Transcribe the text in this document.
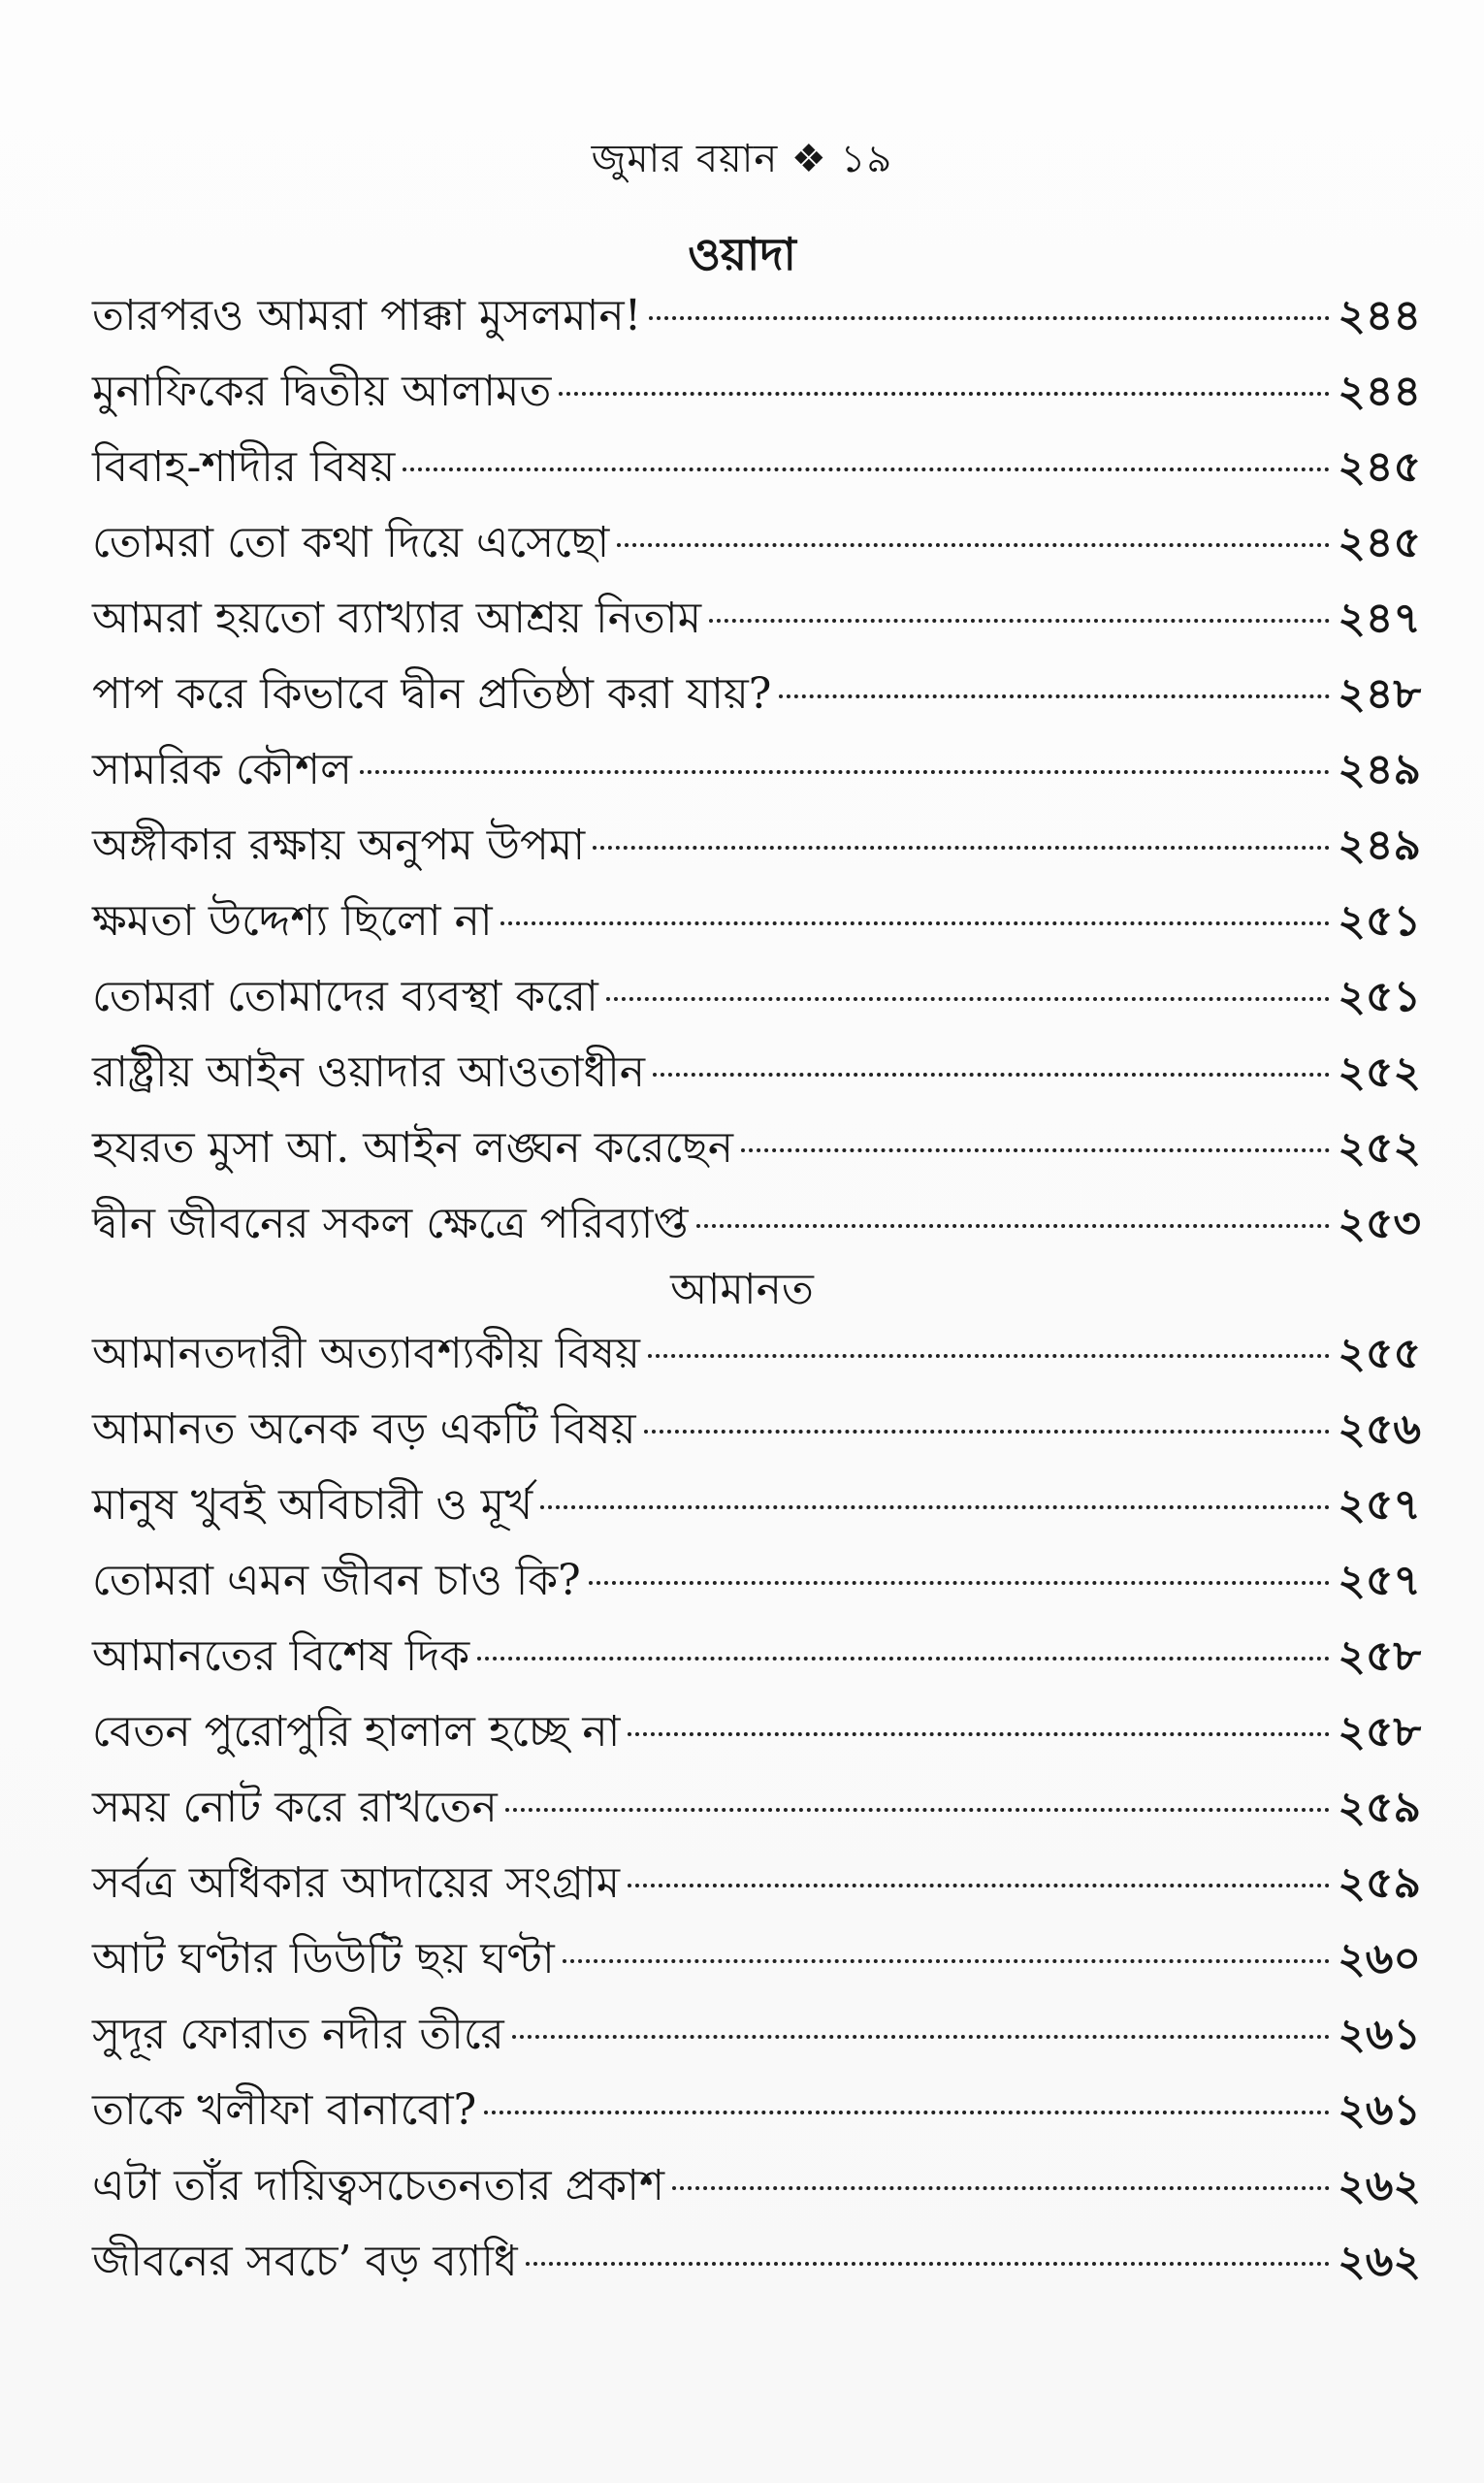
জুমার বয়ান ❖ ১৯
ওয়াদা
তারপরও আমরা পাক্কা মুসলমান!	২৪৪
মুনাফিকের দ্বিতীয় আলামত	২৪৪
বিবাহ-শাদীর বিষয়	২৪৫
তোমরা তো কথা দিয়ে এসেছো	২৪৫
আমরা হয়তো ব্যাখ্যার আশ্রয় নিতাম	২৪৭
পাপ করে কিভাবে দ্বীন প্রতিষ্ঠা করা যায়?	২৪৮
সামরিক কৌশল	২৪৯
অঙ্গীকার রক্ষায় অনুপম উপমা	২৪৯
ক্ষমতা উদ্দেশ্য ছিলো না	২৫১
তোমরা তোমাদের ব্যবস্থা করো	২৫১
রাষ্ট্রীয় আইন ওয়াদার আওতাধীন	২৫২
হযরত মুসা আ. আইন লঙ্ঘন করেছেন	২৫২
দ্বীন জীবনের সকল ক্ষেত্রে পরিব্যাপ্ত	২৫৩
আমানত
আমানতদারী অত্যাবশ্যকীয় বিষয়	২৫৫
আমানত অনেক বড় একটি বিষয়	২৫৬
মানুষ খুবই অবিচারী ও মূর্খ	২৫৭
তোমরা এমন জীবন চাও কি?	২৫৭
আমানতের বিশেষ দিক	২৫৮
বেতন পুরোপুরি হালাল হচ্ছে না	২৫৮
সময় নোট করে রাখতেন	২৫৯
সর্বত্র অধিকার আদায়ের সংগ্রাম	২৫৯
আট ঘণ্টার ডিউটি ছয় ঘণ্টা	২৬০
সুদূর ফোরাত নদীর তীরে	২৬১
তাকে খলীফা বানাবো?	২৬১
এটা তাঁর দায়িত্বসচেতনতার প্রকাশ	২৬২
জীবনের সবচে’ বড় ব্যাধি	২৬২
